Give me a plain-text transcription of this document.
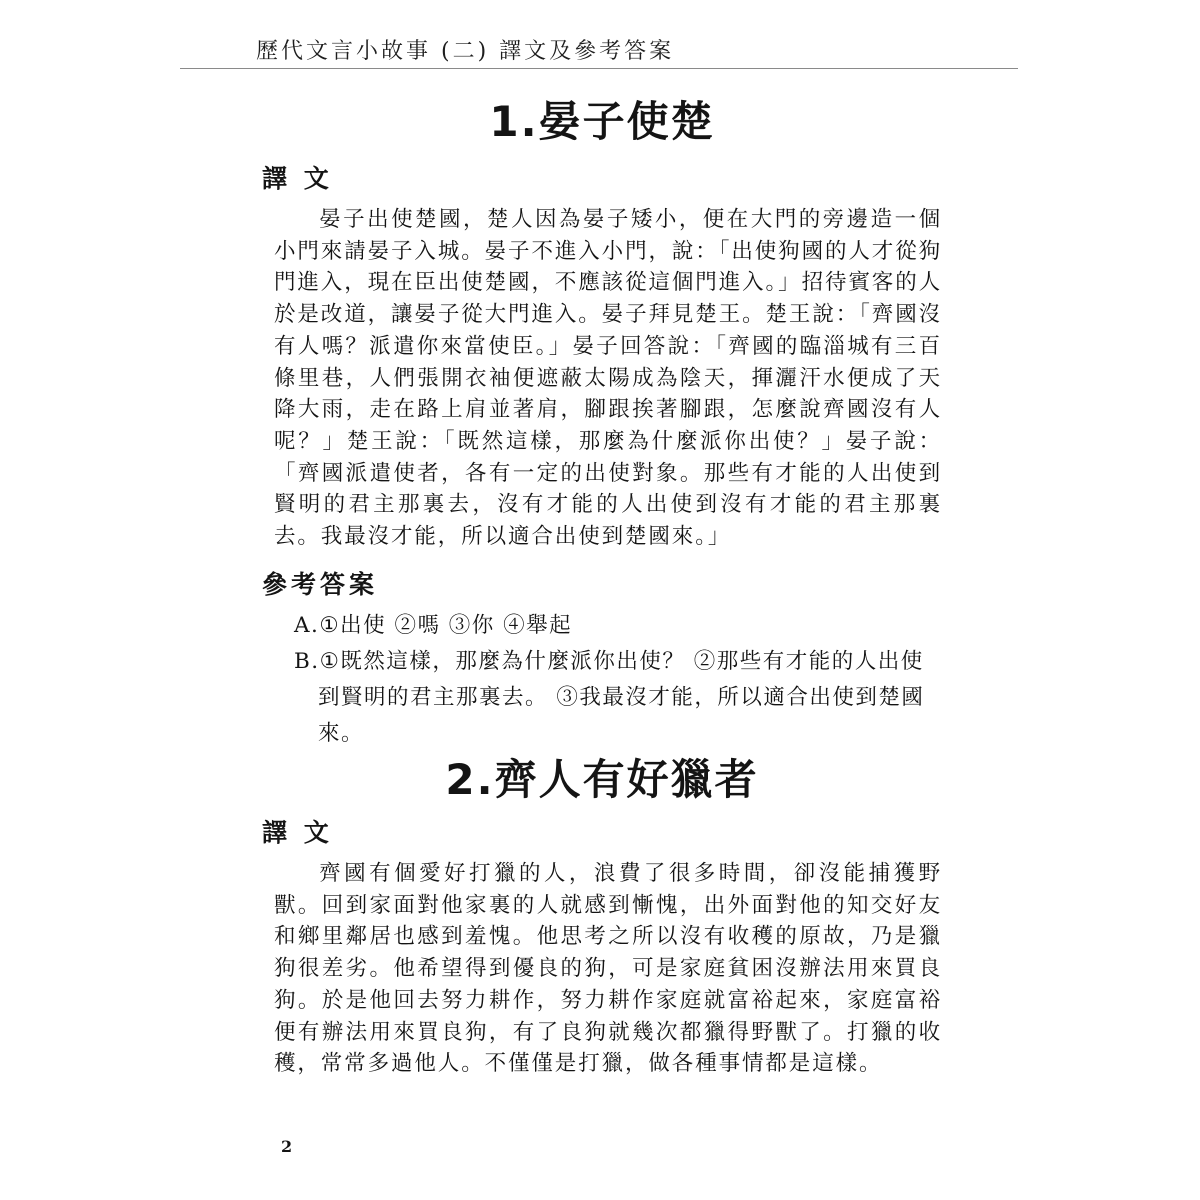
歷代文言小故事 (二) 譯文及參考答案
1.晏子使楚
譯 文

晏子出使楚國，楚人因為晏子矮小，便在大門的旁邊造一個小門來請晏子入城。晏子不進入小門，說：「出使狗國的人才從狗門進入，現在臣出使楚國，不應該從這個門進入。」招待賓客的人於是改道，讓晏子從大門進入。晏子拜見楚王。楚王說：「齊國沒有人嗎？派遣你來當使臣。」晏子回答說：「齊國的臨淄城有三百條里巷，人們張開衣袖便遮蔽太陽成為陰天，揮灑汗水便成了天降大雨，走在路上肩並著肩，腳跟挨著腳跟，怎麼說齊國沒有人呢？」楚王說：「既然這樣，那麼為什麼派你出使？」晏子說：「齊國派遣使者，各有一定的出使對象。那些有才能的人出使到賢明的君主那裏去，沒有才能的人出使到沒有才能的君主那裏去。我最沒才能，所以適合出使到楚國來。」

參考答案

A.①出使 ②嗎 ③你 ④舉起

B.①既然這樣，那麼為什麼派你出使？ ②那些有才能的人出使到賢明的君主那裏去。 ③我最沒才能，所以適合出使到楚國來。

2.齊人有好獵者
譯 文

齊國有個愛好打獵的人，浪費了很多時間，卻沒能捕獲野獸。回到家面對他家裏的人就感到慚愧，出外面對他的知交好友和鄉里鄰居也感到羞愧。他思考之所以沒有收穫的原故，乃是獵狗很差劣。他希望得到優良的狗，可是家庭貧困沒辦法用來買良狗。於是他回去努力耕作，努力耕作家庭就富裕起來，家庭富裕便有辦法用來買良狗，有了良狗就幾次都獵得野獸了。打獵的收穫，常常多過他人。不僅僅是打獵，做各種事情都是這樣。

2
